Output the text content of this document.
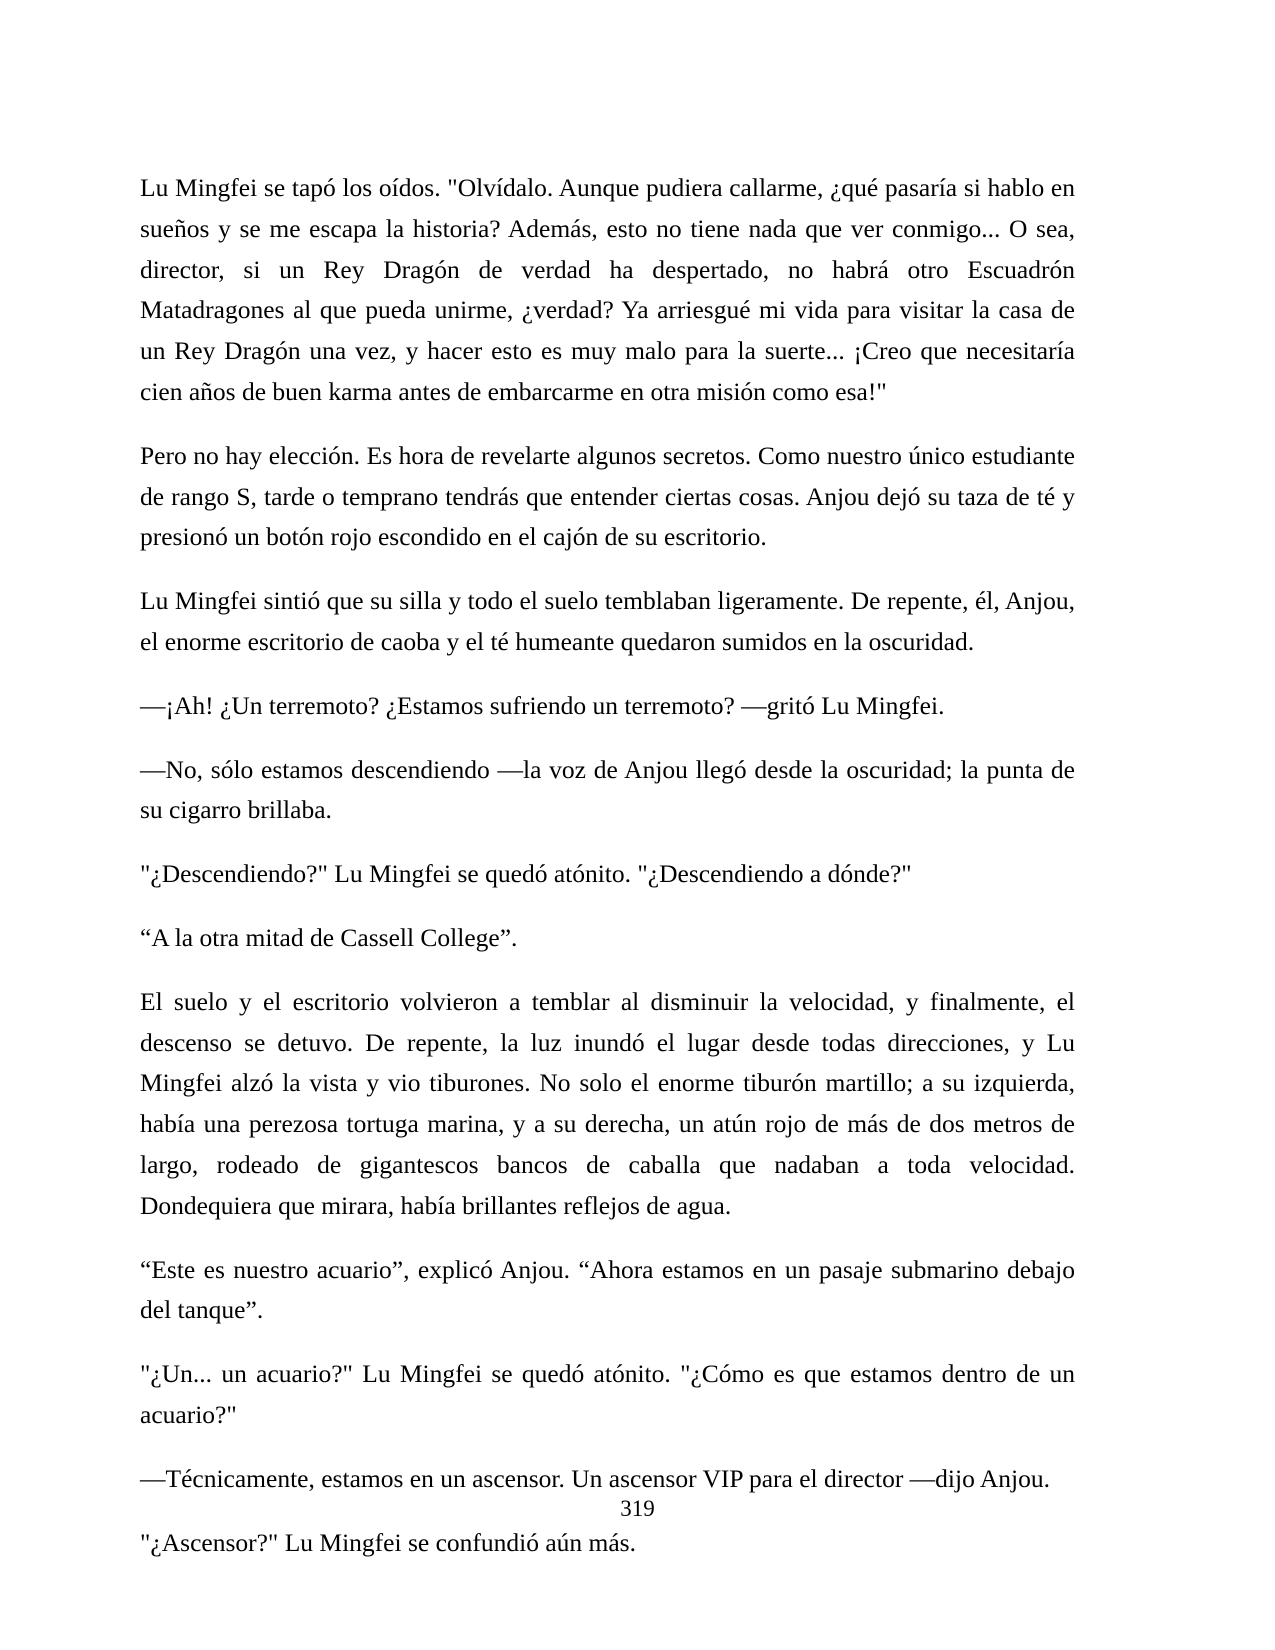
Lu Mingfei se tapó los oídos. "Olvídalo. Aunque pudiera callarme, ¿qué pasaría si hablo en sueños y se me escapa la historia? Además, esto no tiene nada que ver conmigo... O sea, director, si un Rey Dragón de verdad ha despertado, no habrá otro Escuadrón Matadragones al que pueda unirme, ¿verdad? Ya arriesgué mi vida para visitar la casa de un Rey Dragón una vez, y hacer esto es muy malo para la suerte... ¡Creo que necesitaría cien años de buen karma antes de embarcarme en otra misión como esa!"

Pero no hay elección. Es hora de revelarte algunos secretos. Como nuestro único estudiante de rango S, tarde o temprano tendrás que entender ciertas cosas. Anjou dejó su taza de té y presionó un botón rojo escondido en el cajón de su escritorio.

Lu Mingfei sintió que su silla y todo el suelo temblaban ligeramente. De repente, él, Anjou, el enorme escritorio de caoba y el té humeante quedaron sumidos en la oscuridad.

—¡Ah! ¿Un terremoto? ¿Estamos sufriendo un terremoto? —gritó Lu Mingfei.

—No, sólo estamos descendiendo —la voz de Anjou llegó desde la oscuridad; la punta de su cigarro brillaba.

"¿Descendiendo?" Lu Mingfei se quedó atónito. "¿Descendiendo a dónde?"

“A la otra mitad de Cassell College”.

El suelo y el escritorio volvieron a temblar al disminuir la velocidad, y finalmente, el descenso se detuvo. De repente, la luz inundó el lugar desde todas direcciones, y Lu Mingfei alzó la vista y vio tiburones. No solo el enorme tiburón martillo; a su izquierda, había una perezosa tortuga marina, y a su derecha, un atún rojo de más de dos metros de largo, rodeado de gigantescos bancos de caballa que nadaban a toda velocidad. Dondequiera que mirara, había brillantes reflejos de agua.

“Este es nuestro acuario”, explicó Anjou. “Ahora estamos en un pasaje submarino debajo del tanque”.

"¿Un... un acuario?" Lu Mingfei se quedó atónito. "¿Cómo es que estamos dentro de un acuario?"

—Técnicamente, estamos en un ascensor. Un ascensor VIP para el director —dijo Anjou.

"¿Ascensor?" Lu Mingfei se confundió aún más.

319
